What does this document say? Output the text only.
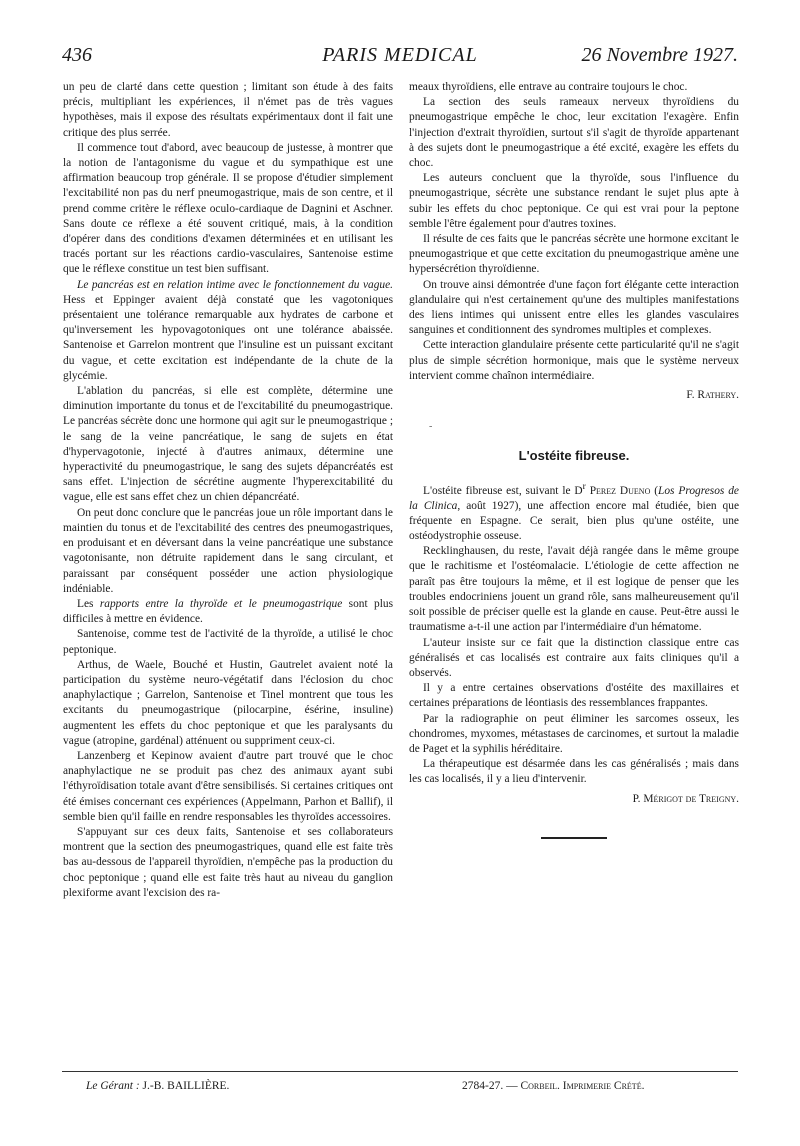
436	PARIS MEDICAL	26 Novembre 1927.

un peu de clarté dans cette question ; limitant son étude à des faits précis, multipliant les expériences, il n'émet pas de très vagues hypothèses, mais il expose des résultats expérimentaux dont il fait une critique des plus serrée.

Il commence tout d'abord, avec beaucoup de justesse, à montrer que la notion de l'antagonisme du vague et du sympathique est une affirmation beaucoup trop générale. Il se propose d'étudier simplement l'excitabilité non pas du nerf pneumogastrique, mais de son centre, et il prend comme critère le réflexe oculo-cardiaque de Dagnini et Aschner. Sans doute ce réflexe a été souvent critiqué, mais, à la condition d'opérer dans des conditions d'examen déterminées et en utilisant les tracés portant sur les réactions cardio-vasculaires, Santenoise estime que le réflexe constitue un test bien suffisant.

Le pancréas est en relation intime avec le fonctionnement du vague. Hess et Eppinger avaient déjà constaté que les vagotoniques présentaient une tolérance remarquable aux hydrates de carbone et qu'inversement les hypovagotoniques ont une tolérance abaissée. Santenoise et Garrelon montrent que l'insuline est un puissant excitant du vague, et cette excitation est indépendante de la chute de la glycémie.

L'ablation du pancréas, si elle est complète, détermine une diminution importante du tonus et de l'excitabilité du pneumogastrique. Le pancréas sécrète donc une hormone qui agit sur le pneumogastrique ; le sang de la veine pancréatique, le sang de sujets en état d'hypervagotonie, injecté à d'autres animaux, détermine une hyperactivité du pneumogastrique, le sang des sujets dépancréatés est sans effet. L'injection de sécrétine augmente l'hyperexcitabilité du vague, elle est sans effet chez un chien dépancréaté.

On peut donc conclure que le pancréas joue un rôle important dans le maintien du tonus et de l'excitabilité des centres des pneumogastriques, en produisant et en déversant dans la veine pancréatique une substance vagotonisante, non détruite rapidement dans le sang circulant, et paraissant par conséquent posséder une action physiologique indéniable.

Les rapports entre la thyroïde et le pneumogastrique sont plus difficiles à mettre en évidence.

Santenoise, comme test de l'activité de la thyroïde, a utilisé le choc peptonique.

Arthus, de Waele, Bouché et Hustin, Gautrelet avaient noté la participation du système neuro-végétatif dans l'éclosion du choc anaphylactique ; Garrelon, Santenoise et Tinel montrent que tous les excitants du pneumogastrique (pilocarpine, ésérine, insuline) augmentent les effets du choc peptonique et que les paralysants du vague (atropine, gardénal) atténuent ou suppriment ceux-ci.

Lanzenberg et Kepinow avaient d'autre part trouvé que le choc anaphylactique ne se produit pas chez des animaux ayant subi l'éthyroïdisation totale avant d'être sensibilisés. Si certaines critiques ont été émises concernant ces expériences (Appelmann, Parhon et Ballif), il semble bien qu'il faille en rendre responsables les thyroïdes accessoires.

S'appuyant sur ces deux faits, Santenoise et ses collaborateurs montrent que la section des pneumogastriques, quand elle est faite très bas au-dessous de l'appareil thyroïdien, n'empêche pas la production du choc peptonique ; quand elle est faite très haut au niveau du ganglion plexiforme avant l'excision des ra-

meaux thyroïdiens, elle entrave au contraire toujours le choc.

La section des seuls rameaux nerveux thyroïdiens du pneumogastrique empêche le choc, leur excitation l'exagère. Enfin l'injection d'extrait thyroïdien, surtout s'il s'agit de thyroïde appartenant à des sujets dont le pneumogastrique a été excité, exagère les effets du choc.

Les auteurs concluent que la thyroïde, sous l'influence du pneumogastrique, sécrète une substance rendant le sujet plus apte à subir les effets du choc peptonique. Ce qui est vrai pour la peptone semble l'être également pour d'autres toxines.

Il résulte de ces faits que le pancréas sécrète une hormone excitant le pneumogastrique et que cette excitation du pneumogastrique amène une hypersécrétion thyroïdienne.

On trouve ainsi démontrée d'une façon fort élégante cette interaction glandulaire qui n'est certainement qu'une des multiples manifestations des liens intimes qui unissent entre elles les glandes vasculaires sanguines et conditionnent des syndromes multiples et complexes.

Cette interaction glandulaire présente cette particularité qu'il ne s'agit plus de simple sécrétion hormonique, mais que le système nerveux intervient comme chaînon intermédiaire.

F. Rathery.

-
L'ostéite fibreuse.

L'ostéite fibreuse est, suivant le $D^r$ Perez Dueno (Los Progresos de la Clinica, août 1927), une affection encore mal étudiée, bien que fréquente en Espagne. Ce serait, bien plus qu'une ostéite, une ostéodystrophie osseuse.

Recklinghausen, du reste, l'avait déjà rangée dans le même groupe que le rachitisme et l'ostéomalacie. L'étiologie de cette affection ne paraît pas être toujours la même, et il est logique de penser que les troubles endocriniens jouent un grand rôle, sans malheureusement qu'il soit possible de préciser quelle est la glande en cause. Peut-être aussi le traumatisme a-t-il une action par l'intermédiaire d'un hématome.

L'auteur insiste sur ce fait que la distinction classique entre cas généralisés et cas localisés est contraire aux faits cliniques qu'il a observés.

Il y a entre certaines observations d'ostéite des maxillaires et certaines préparations de léontiasis des ressemblances frappantes.

Par la radiographie on peut éliminer les sarcomes osseux, les chondromes, myxomes, métastases de carcinomes, et surtout la maladie de Paget et la syphilis héréditaire.

La thérapeutique est désarmée dans les cas généralisés ; mais dans les cas localisés, il y a lieu d'intervenir.

P. Mérigot de Treigny.

Le Gérant : J.-B. BAILLIÈRE.	2784-27. — Corbeil. Imprimerie Crété.
